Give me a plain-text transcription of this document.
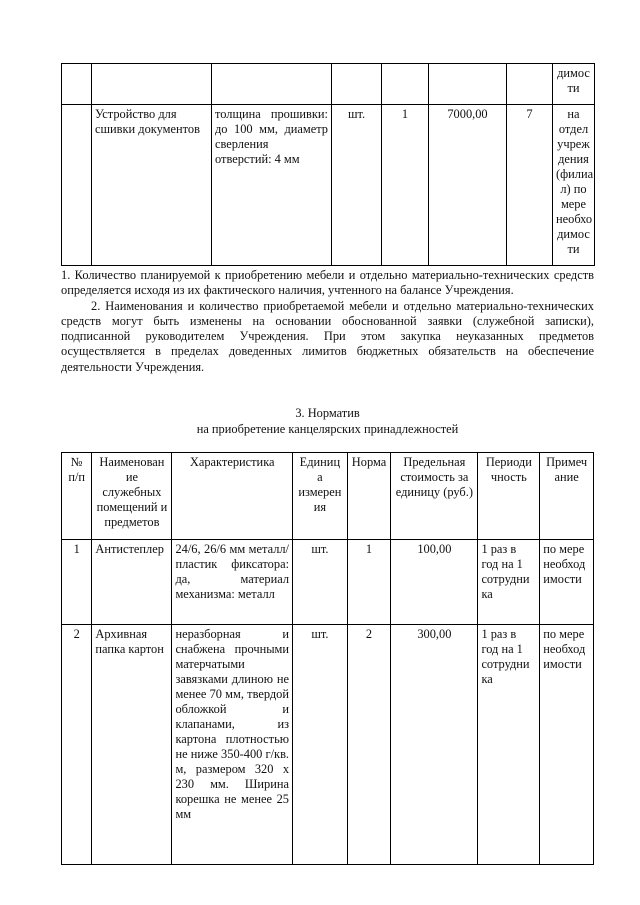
							димос ти
	Устройство для сшивки документов	толщина прошивки: до 100 мм, диаметр сверления отверстий: 4 мм	шт.	1	7000,00	7	на отдел учреж дения (филиа л) по мере необхо димос ти

1. Количество планируемой к приобретению мебели и отдельно материально-технических средств определяется исходя из их фактического наличия, учтенного на балансе Учреждения.

2. Наименования и количество приобретаемой мебели и отдельно материально-технических средств могут быть изменены на основании обоснованной заявки (служебной записки), подписанной руководителем Учреждения. При этом закупка неуказанных предметов осуществляется в пределах доведенных лимитов бюджетных обязательств на обеспечение деятельности Учреждения.

3. Норматив
на приобретение канцелярских принадлежностей
№ п/п	Наименован ие служебных помещений и предметов	Характеристика	Единиц а измерен ия	Норма	Предельная стоимость за единицу (руб.)	Периоди чность	Примеч ание
1	Антистеплер	24/6, 26/6 мм металл/пластик фиксатора: да, материал механизма: металл	шт.	1	100,00	1 раз в год на 1 сотрудни ка	по мере необход имости
2	Архивная папка картон	неразборная и снабжена прочными матерчатыми завязками длиною не менее 70 мм, твердой обложкой и клапанами, из картона плотностью не ниже 350-400 г/кв. м, размером 320 х 230 мм. Ширина корешка не менее 25 мм	шт.	2	300,00	1 раз в год на 1 сотрудни ка	по мере необход имости
